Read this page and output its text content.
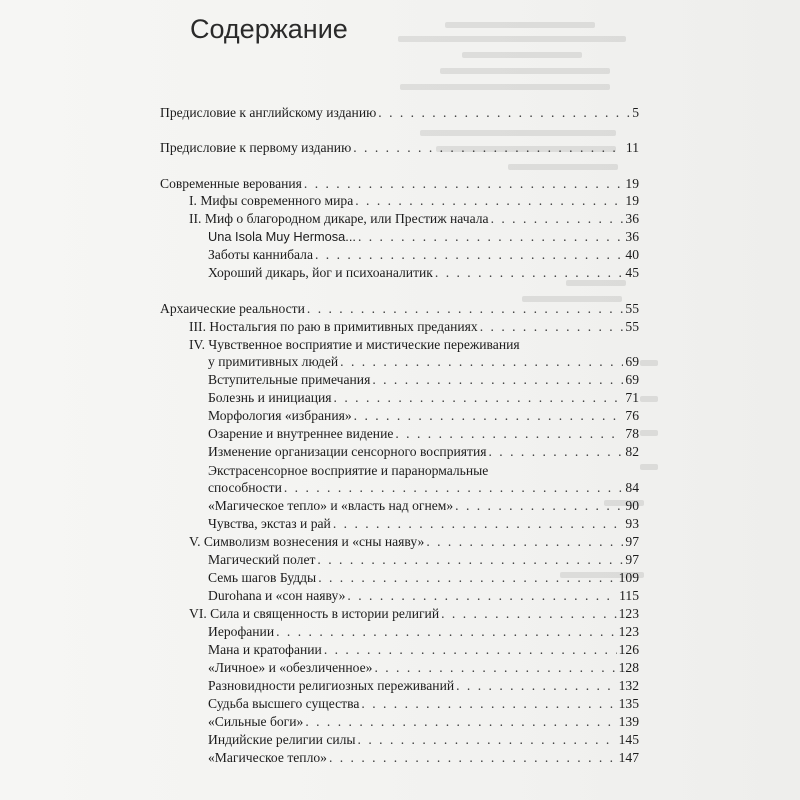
Содержание
Предисловие к английскому изданию . . .	5
Предисловие к первому изданию . . .	11
Современные верования . . .	19
I. Мифы современного мира . . .	19
II. Миф о благородном дикаре, или Престиж начала . . .	36
Una Isola Muy Hermosa... . . .	36
Заботы каннибала . . .	40
Хороший дикарь, йог и психоаналитик . . .	45
Архаические реальности . . .	55
III. Ностальгия по раю в примитивных преданиях . . .	55
IV. Чувственное восприятие и мистические переживания
у примитивных людей . . .	69
Вступительные примечания . . .	69
Болезнь и инициация . . .	71
Морфология «избрания» . . .	76
Озарение и внутреннее видение . . .	78
Изменение организации сенсорного восприятия . . .	82
Экстрасенсорное восприятие и паранормальные
способности . . .	84
«Магическое тепло» и «власть над огнем» . . .	90
Чувства, экстаз и рай . . .	93
V. Символизм вознесения и «сны наяву» . . .	97
Магический полет . . .	97
Семь шагов Будды . . .	109
Durohana и «сон наяву» . . .	115
VI. Сила и священность в истории религий . . .	123
Иерофании . . .	123
Мана и кратофании . . .	126
«Личное» и «обезличенное» . . .	128
Разновидности религиозных переживаний . . .	132
Судьба высшего существа . . .	135
«Сильные боги» . . .	139
Индийские религии силы . . .	145
«Магическое тепло» . . .	147
